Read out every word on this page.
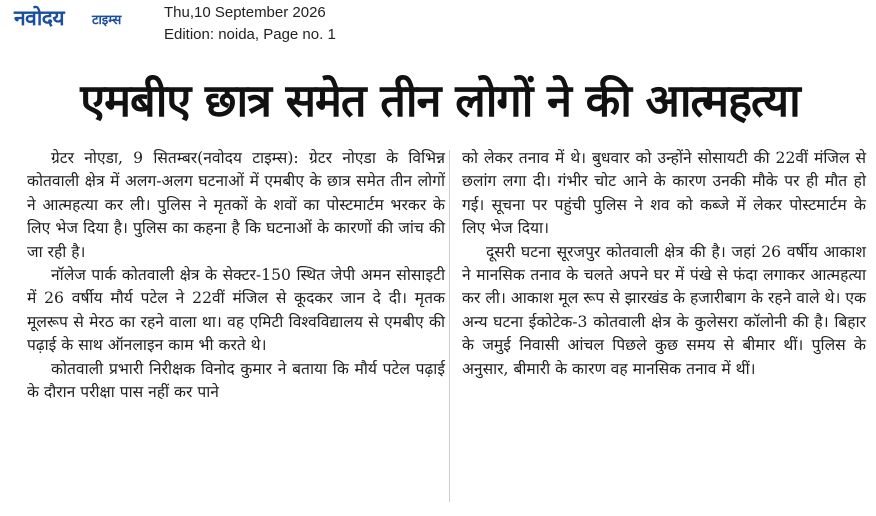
नवोदय टाइम्स	Thu,10 September 2026
Edition: noida, Page no. 1
एमबीए छात्र समेत तीन लोगों ने की आत्महत्या

ग्रेटर नोएडा, 9 सितम्बर(नवोदय टाइम्स): ग्रेटर नोएडा के विभिन्न कोतवाली क्षेत्र में अलग-अलग घटनाओं में एमबीए के छात्र समेत तीन लोगों ने आत्महत्या कर ली। पुलिस ने मृतकों के शवों का पोस्टमार्टम भरकर के लिए भेज दिया है। पुलिस का कहना है कि घटनाओं के कारणों की जांच की जा रही है।

नॉलेज पार्क कोतवाली क्षेत्र के सेक्टर-150 स्थित जेपी अमन सोसाइटी में 26 वर्षीय मौर्य पटेल ने 22वीं मंजिल से कूदकर जान दे दी। मृतक मूलरूप से मेरठ का रहने वाला था। वह एमिटी विश्वविद्यालय से एमबीए की पढ़ाई के साथ ऑनलाइन काम भी करते थे।

कोतवाली प्रभारी निरीक्षक विनोद कुमार ने बताया कि मौर्य पटेल पढ़ाई के दौरान परीक्षा पास नहीं कर पाने

को लेकर तनाव में थे। बुधवार को उन्होंने सोसायटी की 22वीं मंजिल से छलांग लगा दी। गंभीर चोट आने के कारण उनकी मौके पर ही मौत हो गई। सूचना पर पहुंची पुलिस ने शव को कब्जे में लेकर पोस्टमार्टम के लिए भेज दिया।

दूसरी घटना सूरजपुर कोतवाली क्षेत्र की है। जहां 26 वर्षीय आकाश ने मानसिक तनाव के चलते अपने घर में पंखे से फंदा लगाकर आत्महत्या कर ली। आकाश मूल रूप से झारखंड के हजारीबाग के रहने वाले थे। एक अन्य घटना ईकोटेक-3 कोतवाली क्षेत्र के कुलेसरा कॉलोनी की है। बिहार के जमुई निवासी आंचल पिछले कुछ समय से बीमार थीं। पुलिस के अनुसार, बीमारी के कारण वह मानसिक तनाव में थीं।
